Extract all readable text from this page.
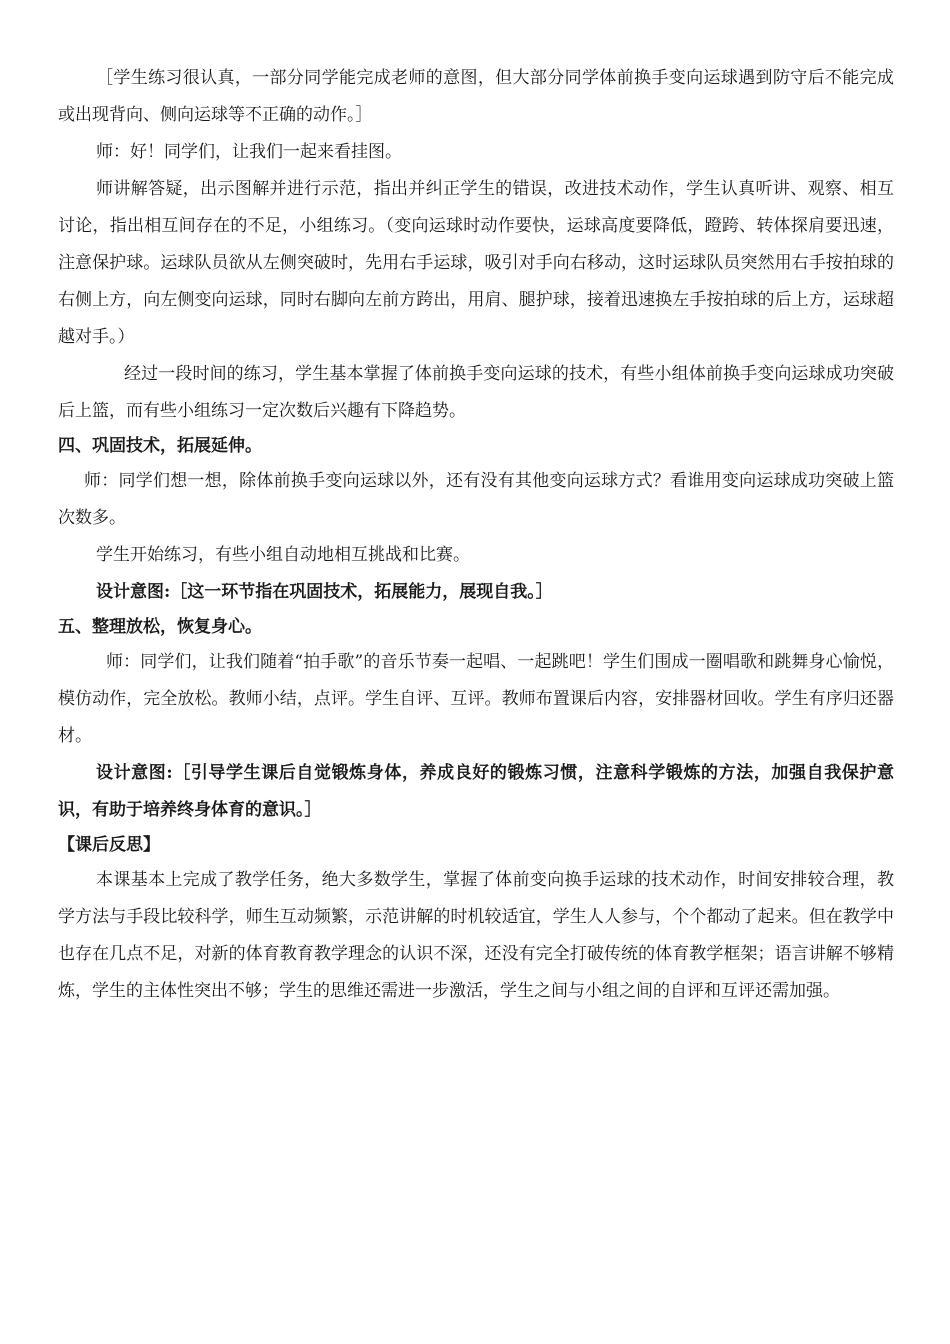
［学生练习很认真，一部分同学能完成老师的意图，但大部分同学体前换手变向运球遇到防守后不能完成或出现背向、侧向运球等不正确的动作。］

师：好！同学们，让我们一起来看挂图。

师讲解答疑，出示图解并进行示范，指出并纠正学生的错误，改进技术动作，学生认真听讲、观察、相互讨论，指出相互间存在的不足，小组练习。（变向运球时动作要快，运球高度要降低，蹬跨、转体探肩要迅速，注意保护球。运球队员欲从左侧突破时，先用右手运球，吸引对手向右移动，这时运球队员突然用右手按拍球的右侧上方，向左侧变向运球，同时右脚向左前方跨出，用肩、腿护球，接着迅速换左手按拍球的后上方，运球超越对手。）

经过一段时间的练习，学生基本掌握了体前换手变向运球的技术，有些小组体前换手变向运球成功突破后上篮，而有些小组练习一定次数后兴趣有下降趋势。

四、巩固技术，拓展延伸。

师：同学们想一想，除体前换手变向运球以外，还有没有其他变向运球方式？看谁用变向运球成功突破上篮次数多。

学生开始练习，有些小组自动地相互挑战和比赛。

设计意图:［这一环节指在巩固技术，拓展能力，展现自我。］

五、整理放松，恢复身心。

师：同学们，让我们随着“拍手歌”的音乐节奏一起唱、一起跳吧！学生们围成一圈唱歌和跳舞身心愉悦，模仿动作，完全放松。教师小结，点评。学生自评、互评。教师布置课后内容，安排器材回收。学生有序归还器材。

设计意图:［引导学生课后自觉锻炼身体，养成良好的锻炼习惯，注意科学锻炼的方法，加强自我保护意识，有助于培养终身体育的意识。］

【课后反思】

本课基本上完成了教学任务，绝大多数学生，掌握了体前变向换手运球的技术动作，时间安排较合理，教学方法与手段比较科学，师生互动频繁，示范讲解的时机较适宜，学生人人参与，个个都动了起来。但在教学中也存在几点不足，对新的体育教育教学理念的认识不深，还没有完全打破传统的体育教学框架；语言讲解不够精炼，学生的主体性突出不够；学生的思维还需进一步激活，学生之间与小组之间的自评和互评还需加强。
